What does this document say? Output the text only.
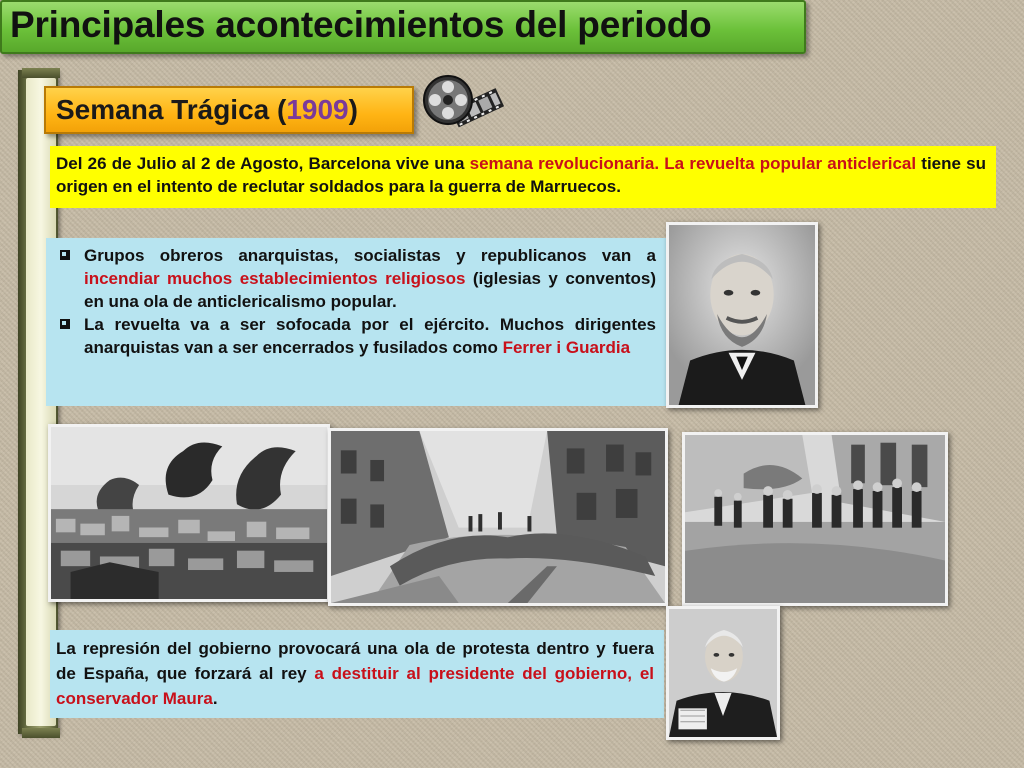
Principales acontecimientos del periodo
Semana Trágica (1909)
Del 26 de Julio al 2 de Agosto, Barcelona vive una semana revolucionaria. La revuelta popular anticlerical tiene su origen en el intento de reclutar soldados para la guerra de Marruecos.
Grupos obreros anarquistas, socialistas y republicanos van a incendiar muchos establecimientos religiosos (iglesias y conventos) en una ola de anticlericalismo popular.
La revuelta va a ser sofocada por el ejército. Muchos dirigentes anarquistas van a ser encerrados y fusilados como Ferrer i Guardia
La represión del gobierno provocará una ola de protesta dentro y fuera de España, que forzará al rey a destituir al presidente del gobierno, el conservador Maura.
